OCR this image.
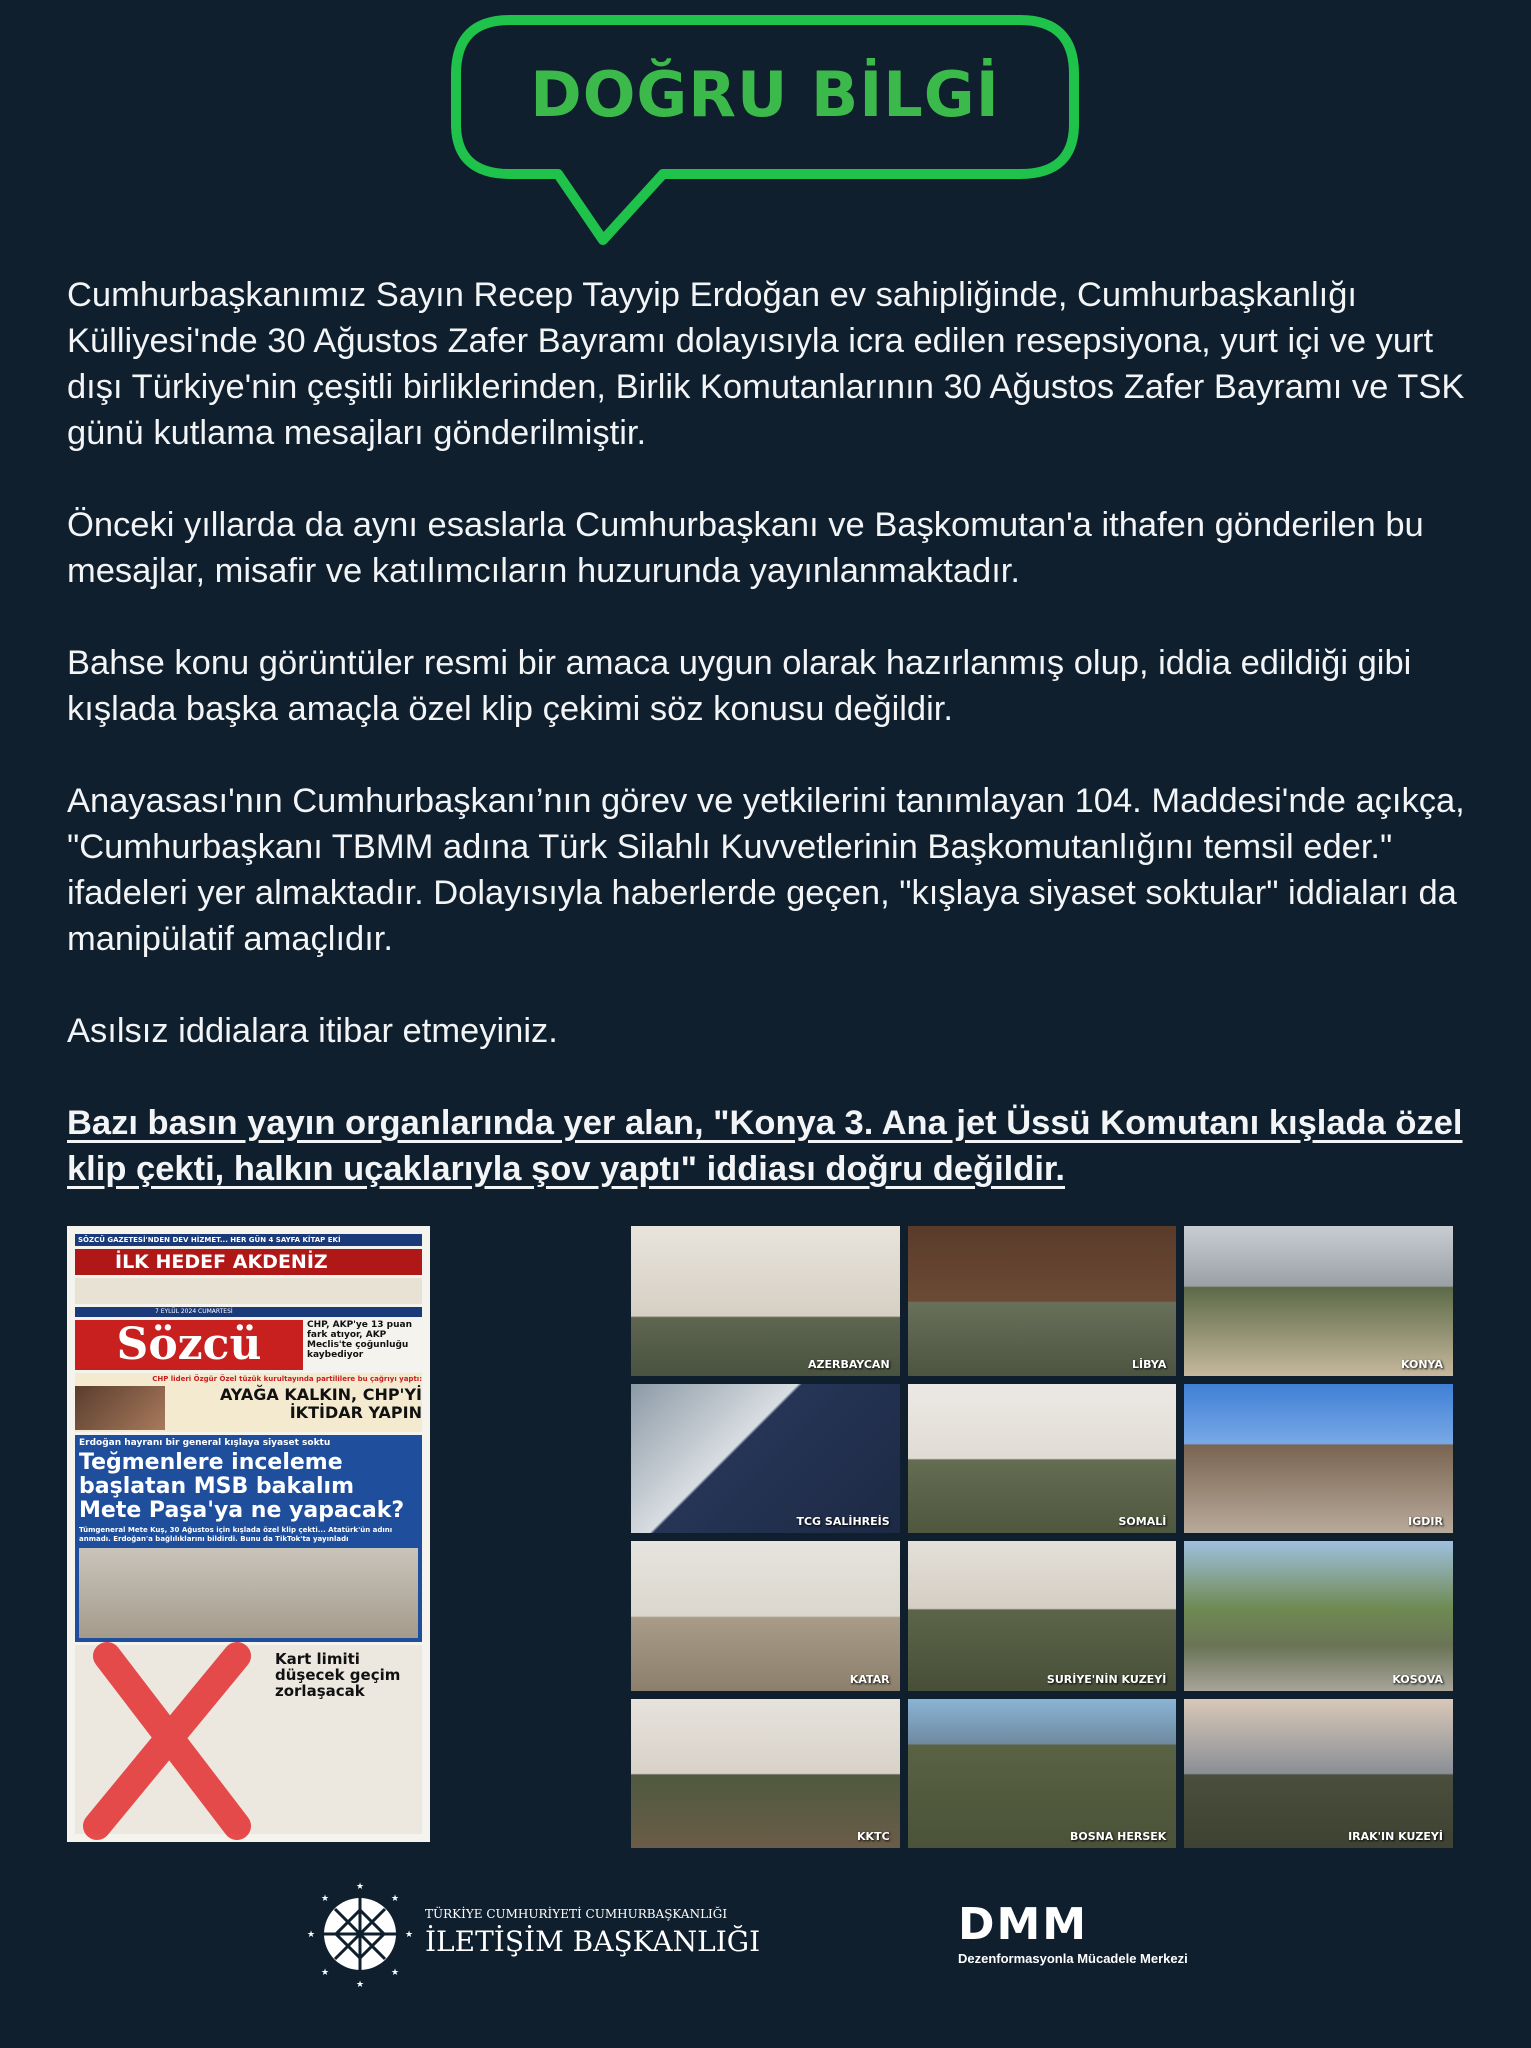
DOĞRU BİLGİ

Cumhurbaşkanımız Sayın Recep Tayyip Erdoğan ev sahipliğinde, Cumhurbaşkanlığı Külliyesi'nde 30 Ağustos Zafer Bayramı dolayısıyla icra edilen resepsiyona, yurt içi ve yurt dışı Türkiye'nin çeşitli birliklerinden, Birlik Komutanlarının 30 Ağustos Zafer Bayramı ve TSK günü kutlama mesajları gönderilmiştir.

Önceki yıllarda da aynı esaslarla Cumhurbaşkanı ve Başkomutan'a ithafen gönderilen bu mesajlar, misafir ve katılımcıların huzurunda yayınlanmaktadır.

Bahse konu görüntüler resmi bir amaca uygun olarak hazırlanmış olup, iddia edildiği gibi kışlada başka amaçla özel klip çekimi söz konusu değildir.

Anayasası'nın Cumhurbaşkanı’nın görev ve yetkilerini tanımlayan 104. Maddesi'nde açıkça, "Cumhurbaşkanı TBMM adına Türk Silahlı Kuvvetlerinin Başkomutanlığını temsil eder." ifadeleri yer almaktadır. Dolayısıyla haberlerde geçen, "kışlaya siyaset soktular" iddiaları da manipülatif amaçlıdır.

Asılsız iddialara itibar etmeyiniz.

Bazı basın yayın organlarında yer alan, "Konya 3. Ana jet Üssü Komutanı kışlada özel klip çekti, halkın uçaklarıyla şov yaptı" iddiası doğru değildir.

SÖZCÜ GAZETESİ'NDEN DEV HİZMET... HER GÜN 4 SAYFA KİTAP EKİ
İLK HEDEF AKDENİZ
7 EYLÜL 2024 CUMARTESİ
Sözcü	CHP, AKP'ye 13 puan fark atıyor, AKP Meclis'te çoğunluğu kaybediyor
CHP lideri Özgür Özel tüzük kurultayında partililere bu çağrıyı yaptı:
AYAĞA KALKIN, CHP'Yİ İKTİDAR YAPIN
Erdoğan hayranı bir general kışlaya siyaset soktu
Teğmenlere inceleme başlatan MSB bakalım Mete Paşa'ya ne yapacak?
Tümgeneral Mete Kuş, 30 Ağustos için kışlada özel klip çekti... Atatürk'ün adını anmadı. Erdoğan'a bağlılıklarını bildirdi. Bunu da TikTok'ta yayınladı
Kart limiti düşecek geçim zorlaşacak
AZERBAYCAN	LİBYA	KONYA
TCG SALİHREİS	SOMALİ	IGDIR
KATAR	SURİYE'NİN KUZEYİ	KOSOVA
KKTC	BOSNA HERSEK	IRAK'IN KUZEYİ
★
★
★	★
★	★
★	★
TÜRKİYE CUMHURİYETİ CUMHURBAŞKANLIĞI
İLETİŞİM BAŞKANLIĞI	DMM
Dezenformasyonla Mücadele Merkezi
